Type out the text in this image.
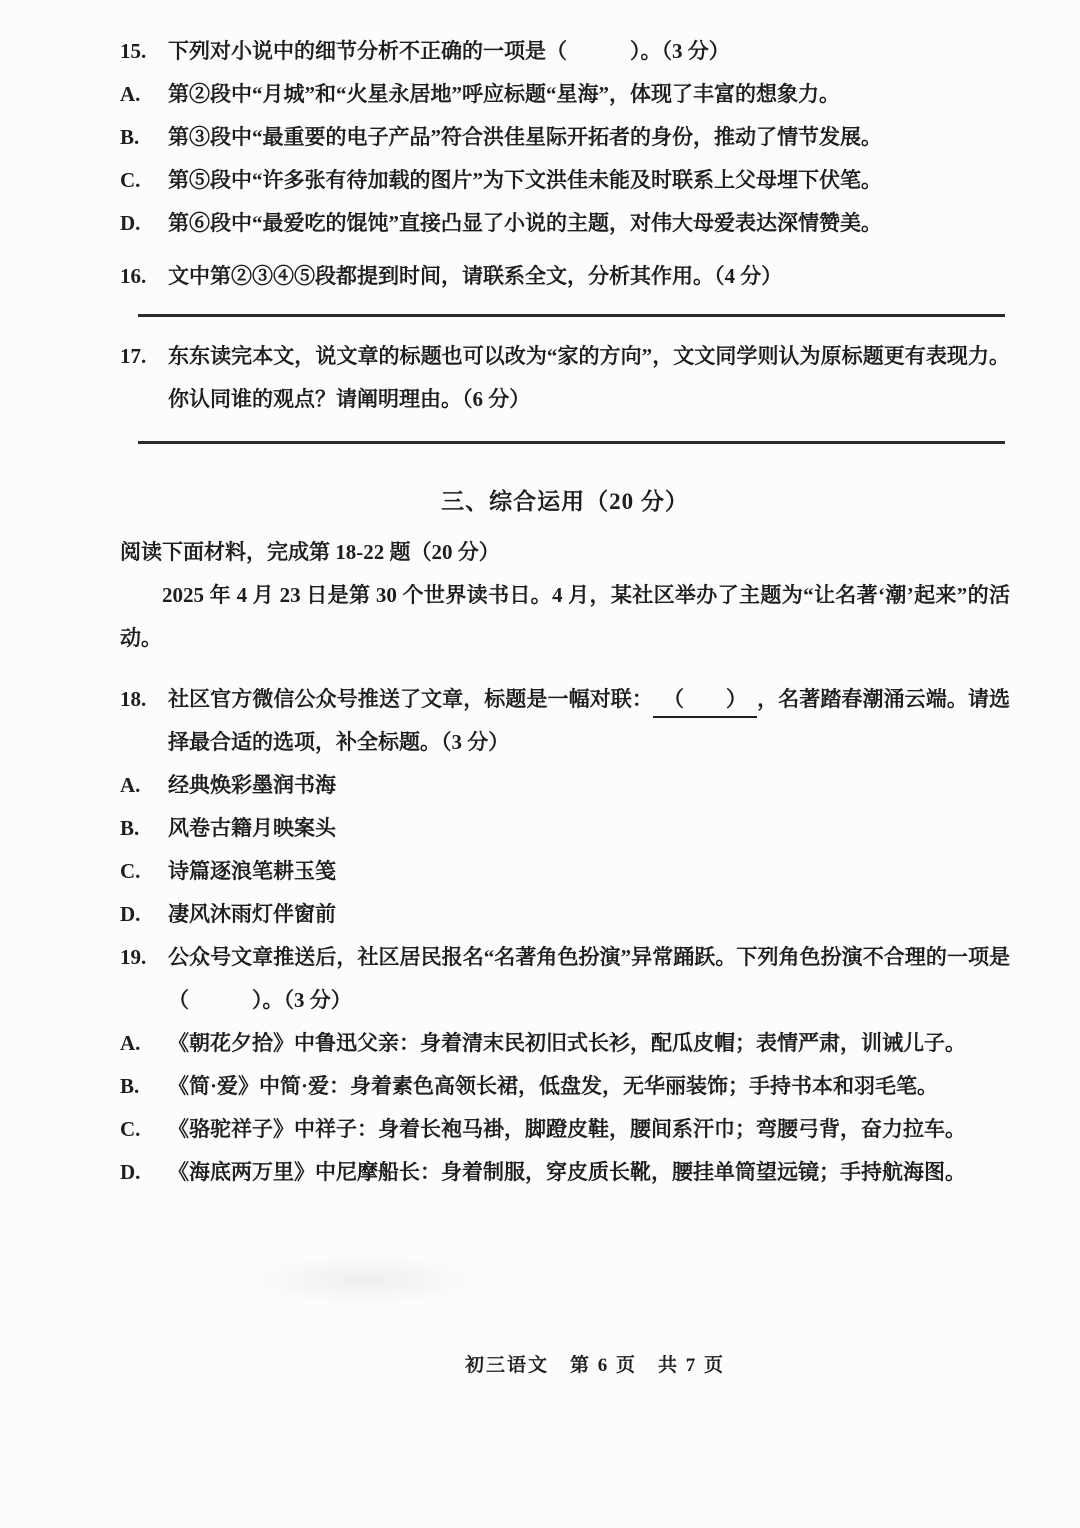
15. 下列对小说中的细节分析不正确的一项是（　　　）。（3 分）
A. 第②段中“月城”和“火星永居地”呼应标题“星海”，体现了丰富的想象力。
B. 第③段中“最重要的电子产品”符合洪佳星际开拓者的身份，推动了情节发展。
C. 第⑤段中“许多张有待加载的图片”为下文洪佳未能及时联系上父母埋下伏笔。
D. 第⑥段中“最爱吃的馄饨”直接凸显了小说的主题，对伟大母爱表达深情赞美。
16. 文中第②③④⑤段都提到时间，请联系全文，分析其作用。（4 分）
17. 东东读完本文，说文章的标题也可以改为“家的方向”，文文同学则认为原标题更有表现力。你认同谁的观点？请阐明理由。（6 分）
三、综合运用（20 分）
阅读下面材料，完成第 18-22 题（20 分）
2025 年 4 月 23 日是第 30 个世界读书日。4 月，某社区举办了主题为“让名著‘潮’起来”的活动。
18. 社区官方微信公众号推送了文章，标题是一幅对联： （　　） ，名著踏春潮涌云端。请选择最合适的选项，补全标题。（3 分）
A. 经典焕彩墨润书海
B. 风卷古籍月映案头
C. 诗篇逐浪笔耕玉笺
D. 凄风沐雨灯伴窗前
19. 公众号文章推送后，社区居民报名“名著角色扮演”异常踊跃。下列角色扮演不合理的一项是（　　　）。（3 分）
A. 《朝花夕拾》中鲁迅父亲：身着清末民初旧式长衫，配瓜皮帽；表情严肃，训诫儿子。
B. 《简·爱》中简·爱：身着素色高领长裙，低盘发，无华丽装饰；手持书本和羽毛笔。
C. 《骆驼祥子》中祥子：身着长袍马褂，脚蹬皮鞋，腰间系汗巾；弯腰弓背，奋力拉车。
D. 《海底两万里》中尼摩船长：身着制服，穿皮质长靴，腰挂单筒望远镜；手持航海图。
初三语文　第 6 页　共 7 页
